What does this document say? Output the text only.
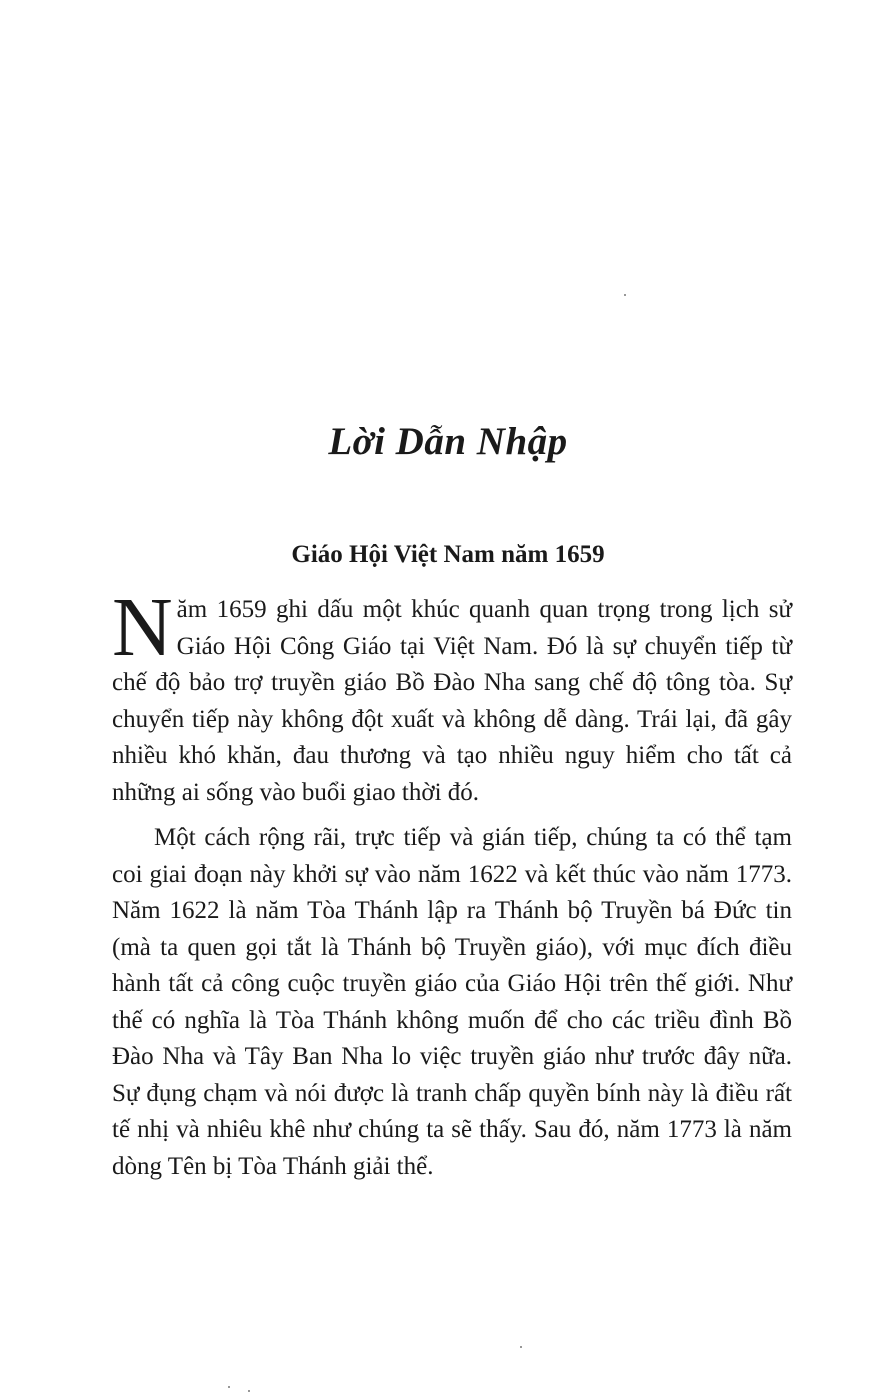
Lời Dẫn Nhập
Giáo Hội Việt Nam năm 1659

Năm 1659 ghi dấu một khúc quanh quan trọng trong lịch sử Giáo Hội Công Giáo tại Việt Nam. Đó là sự chuyển tiếp từ chế độ bảo trợ truyền giáo Bồ Đào Nha sang chế độ tông tòa. Sự chuyển tiếp này không đột xuất và không dễ dàng. Trái lại, đã gây nhiều khó khăn, đau thương và tạo nhiều nguy hiểm cho tất cả những ai sống vào buổi giao thời đó.

Một cách rộng rãi, trực tiếp và gián tiếp, chúng ta có thể tạm coi giai đoạn này khởi sự vào năm 1622 và kết thúc vào năm 1773. Năm 1622 là năm Tòa Thánh lập ra Thánh bộ Truyền bá Đức tin (mà ta quen gọi tắt là Thánh bộ Truyền giáo), với mục đích điều hành tất cả công cuộc truyền giáo của Giáo Hội trên thế giới. Như thế có nghĩa là Tòa Thánh không muốn để cho các triều đình Bồ Đào Nha và Tây Ban Nha lo việc truyền giáo như trước đây nữa. Sự đụng chạm và nói được là tranh chấp quyền bính này là điều rất tế nhị và nhiêu khê như chúng ta sẽ thấy. Sau đó, năm 1773 là năm dòng Tên bị Tòa Thánh giải thể.
